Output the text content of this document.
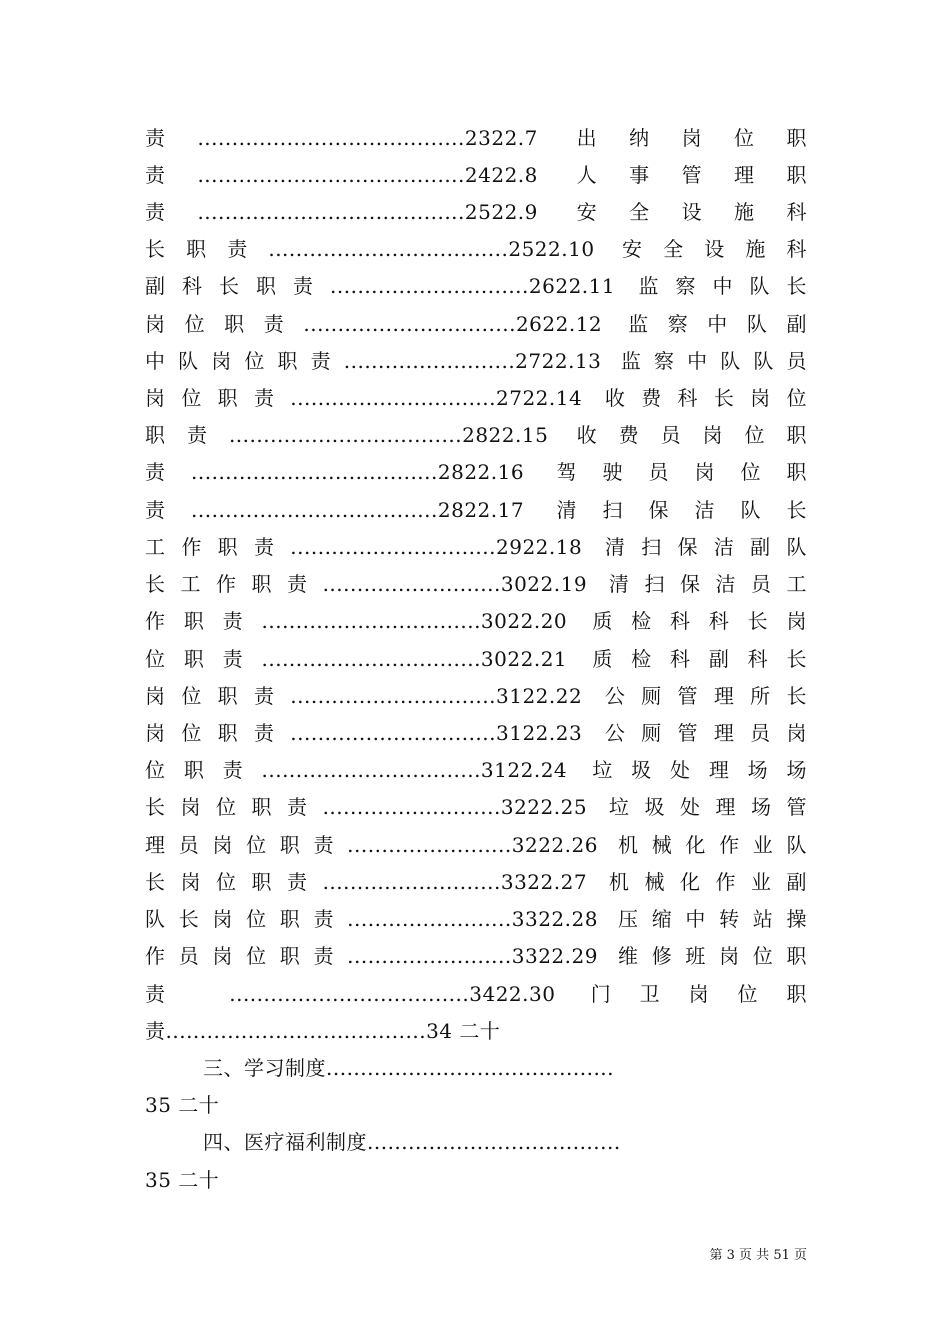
责.......................................2322.7 出纳岗位职
责.......................................2422.8 人事管理职
责.......................................2522.9 安全设施科
长职责...................................2522.10 安全设施科
副科长职责.............................2622.11 监察中队长
岗位职责...............................2622.12 监察中队副
中队岗位职责.........................2722.13 监察中队队员
岗位职责..............................2722.14 收费科长岗位
职责..................................2822.15 收费员岗位职
责....................................2822.16 驾驶员岗位职
责....................................2822.17 清扫保洁队长
工作职责..............................2922.18 清扫保洁副队
长工作职责..........................3022.19 清扫保洁员工
作职责................................3022.20 质检科科长岗
位职责................................3022.21 质检科副科长
岗位职责..............................3122.22 公厕管理所长
岗位职责..............................3122.23 公厕管理员岗
位职责................................3122.24 垃圾处理场场
长岗位职责..........................3222.25 垃圾处理场管
理员岗位职责........................3222.26 机械化作业队
长岗位职责..........................3322.27 机械化作业副
队长岗位职责........................3322.28 压缩中转站操
作员岗位职责........................3322.29 维修班岗位职
责 ...................................3422.30 门卫岗位职
责......................................34 二十
三、学习制度..........................................
35 二十
四、医疗福利制度.....................................
35 二十
第 3 页 共 51 页
